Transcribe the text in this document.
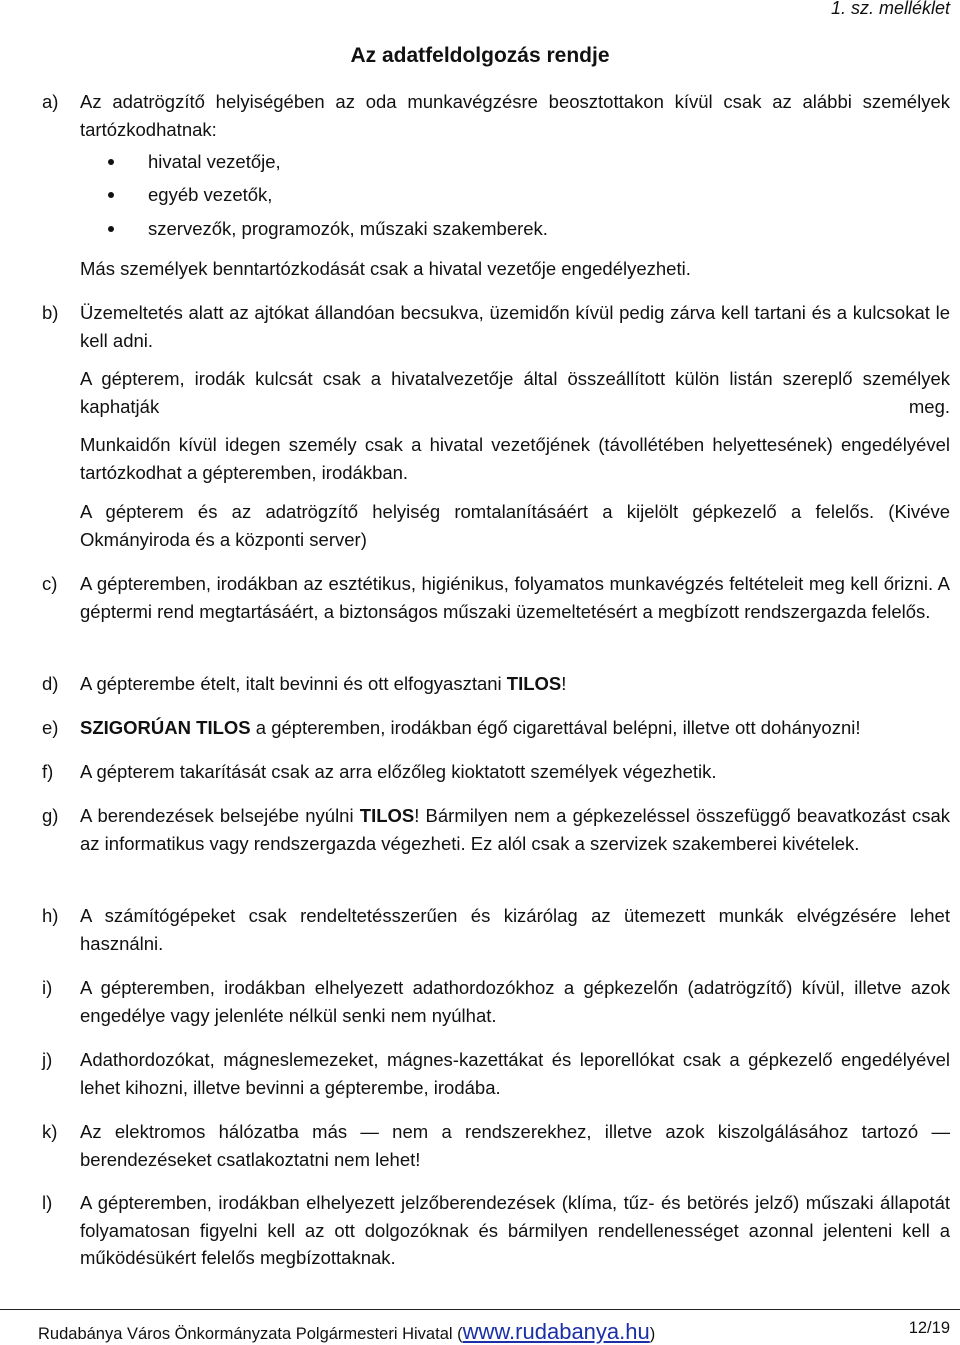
1. sz. melléklet
Az adatfeldolgozás rendje
a) Az adatrögzítő helyiségében az oda munkavégzésre beosztottakon kívül csak az alábbi személyek tartózkodhatnak:
hivatal vezetője,
egyéb vezetők,
szervezők, programozók, műszaki szakemberek.
Más személyek benntartózkodását csak a hivatal vezetője engedélyezheti.
b) Üzemeltetés alatt az ajtókat állandóan becsukva, üzemidőn kívül pedig zárva kell tartani és a kulcsokat le kell adni.
A gépterem, irodák kulcsát csak a hivatalvezetője által összeállított külön listán szereplő személyek kaphatják meg.
Munkaidőn kívül idegen személy csak a hivatal vezetőjének (távollétében helyettesének) engedélyével tartózkodhat a gépteremben, irodákban.
A gépterem és az adatrögzítő helyiség romtalanításáért a kijelölt gépkezelő a felelős. (Kivéve Okmányiroda és a központi server)
c) A gépteremben, irodákban az esztétikus, higiénikus, folyamatos munkavégzés feltételeit meg kell őrizni. A géptermi rend megtartásáért, a biztonságos műszaki üzemeltetésért a megbízott rendszergazda felelős.
d) A gépterembe ételt, italt bevinni és ott elfogyasztani TILOS!
e) SZIGORÚAN TILOS a gépteremben, irodákban égő cigarettával belépni, illetve ott dohányozni!
f) A gépterem takarítását csak az arra előzőleg kioktatott személyek végezhetik.
g) A berendezések belsejébe nyúlni TILOS! Bármilyen nem a gépkezeléssel összefüggő beavatkozást csak az informatikus vagy rendszergazda végezheti. Ez alól csak a szervizek szakemberei kivételek.
h) A számítógépeket csak rendeltetésszerűen és kizárólag az ütemezett munkák elvégzésére lehet használni.
i) A gépteremben, irodákban elhelyezett adathordozókhoz a gépkezelőn (adatrögzítő) kívül, illetve azok engedélye vagy jelenléte nélkül senki nem nyúlhat.
j) Adathordozókat, mágneslemezeket, mágnes-kazettákat és leporellókat csak a gépkezelő engedélyével lehet kihozni, illetve bevinni a gépterembe, irodába.
k) Az elektromos hálózatba más — nem a rendszerekhez, illetve azok kiszolgálásához tartozó — berendezéseket csatlakoztatni nem lehet!
l) A gépteremben, irodákban elhelyezett jelzőberendezések (klíma, tűz- és betörés jelző) műszaki állapotát folyamatosan figyelni kell az ott dolgozóknak és bármilyen rendellenességet azonnal jelenteni kell a működésükért felelős megbízottaknak.
Rudabánya Város Önkormányzata Polgármesteri Hivatal (www.rudabanya.hu)	12/19
